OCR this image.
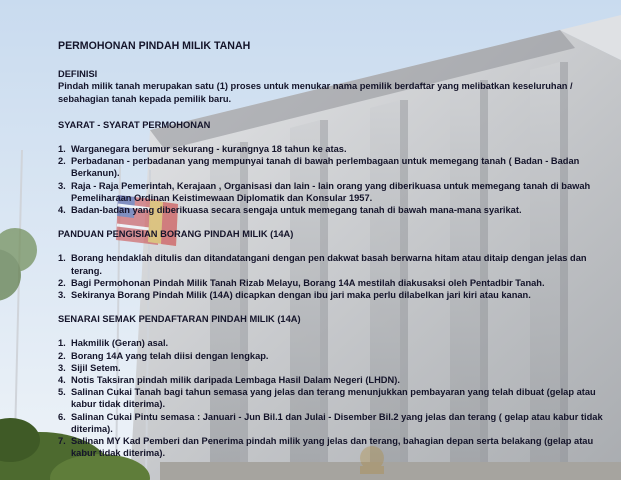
PERMOHONAN PINDAH MILIK TANAH

DEFINISI

Pindah milik tanah merupakan satu (1) proses untuk menukar nama pemilik berdaftar yang melibatkan keseluruhan / sebahagian tanah kepada pemilik baru.

SYARAT - SYARAT PERMOHONAN

1. Warganegara berumur sekurang - kurangnya 18 tahun ke atas.
2. Perbadanan - perbadanan yang mempunyai tanah di bawah perlembagaan untuk memegang tanah ( Badan - Badan Berkanun).
3. Raja - Raja Pemerintah, Kerajaan , Organisasi dan lain - lain orang yang diberikuasa untuk memegang tanah di bawah Pemeliharaan Ordinan Keistimewaan Diplomatik dan Konsular 1957.
4. Badan-badan yang diberikuasa secara sengaja untuk memegang tanah di bawah mana-mana syarikat.

PANDUAN PENGISIAN BORANG PINDAH MILIK (14A)

1. Borang hendaklah ditulis dan ditandatangani dengan pen dakwat basah berwarna hitam atau ditaip dengan jelas dan terang.
2. Bagi Permohonan Pindah Milik Tanah Rizab Melayu, Borang 14A mestilah diakusaksi oleh Pentadbir Tanah.
3. Sekiranya Borang Pindah Milik (14A) dicapkan dengan ibu jari maka perlu dilabelkan jari kiri atau kanan.

SENARAI SEMAK PENDAFTARAN PINDAH MILIK (14A)

1. Hakmilik (Geran) asal.
2. Borang 14A yang telah diisi dengan lengkap.
3. Sijil Setem.
4. Notis Taksiran pindah milik daripada Lembaga Hasil Dalam Negeri (LHDN).
5. Salinan Cukai Tanah bagi tahun semasa yang jelas dan terang menunjukkan pembayaran yang telah dibuat (gelap atau kabur tidak diterima).
6. Salinan Cukai Pintu semasa : Januari - Jun Bil.1 dan Julai - Disember Bil.2 yang jelas dan terang ( gelap atau kabur tidak diterima).
7. Salinan MY Kad Pemberi dan Penerima pindah milik yang jelas dan terang, bahagian depan serta belakang (gelap atau kabur tidak diterima).
